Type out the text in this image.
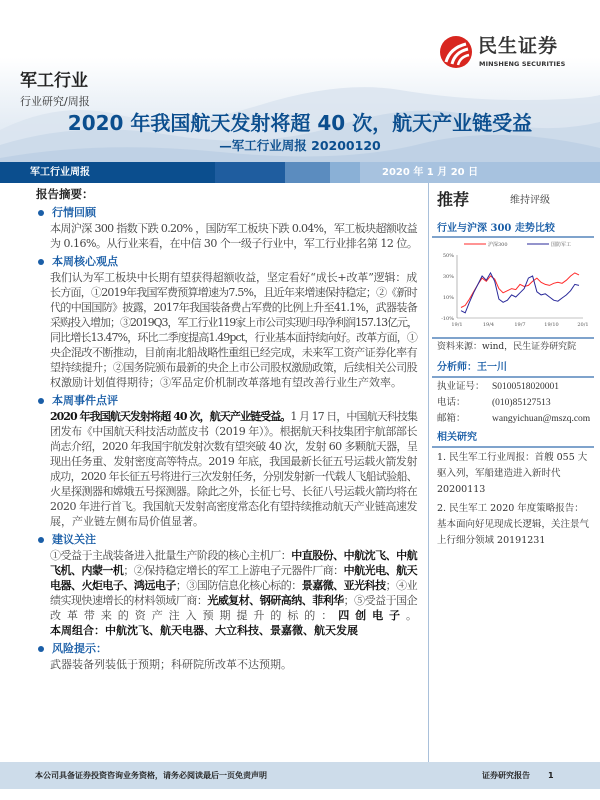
民生证券
MINSHENG SECURITIES
军工行业
行业研究/周报
2020 年我国航天发射将超 40 次，航天产业链受益
—军工行业周报 20200120
军工行业周报	2020 年 1 月 20 日
报告摘要：
行情回顾
本周沪深 300 指数下跌 0.20% ，国防军工板块下跌 0.04%，军工板块超额收益
为 0.16%。从行业来看，在中信 30 个一级子行业中，军工行业排名第 12 位。
本周核心观点
我们认为军工板块中长期有望获得超额收益，坚定看好“成长+改革”逻辑：成
长方面，①2019年我国军费预算增速为7.5%，且近年来增速保持稳定；②《新时
代的中国国防》披露，2017年我国装备费占军费的比例上升至41.1%，武器装备
采购投入增加；③2019Q3，军工行业119家上市公司实现归母净利润157.13亿元，
同比增长13.47%，环比二季度提高1.49pct，行业基本面持续向好。改革方面，①
央企混改不断推动，目前南北船战略性重组已经完成，未来军工资产证券化率有
望持续提升；②国务院颁布最新的央企上市公司股权激励政策，后续相关公司股
权激励计划值得期待；③军品定价机制改革落地有望改善行业生产效率。
本周事件点评
2020 年我国航天发射将超 40 次，航天产业链受益。1 月 17 日，中国航天科技集
团发布《中国航天科技活动蓝皮书（2019 年）》。根据航天科技集团宇航部部长
尚志介绍，2020 年我国宇航发射次数有望突破 40 次，发射 60 多颗航天器，呈
现出任务重、发射密度高等特点。2019 年底，我国最新长征五号运载火箭发射
成功，2020 年长征五号将进行三次发射任务，分别发射新一代载人飞船试验船、
火星探测器和嫦娥五号探测器。除此之外，长征七号、长征八号运载火箭均将在
2020 年进行首飞。我国航天发射高密度常态化有望持续推动航天产业链高速发
展，产业链左侧布局价值显著。
建议关注
①受益于主战装备进入批量生产阶段的核心主机厂：中直股份、中航沈飞、中航
飞机、内蒙一机；②保持稳定增长的军工上游电子元器件厂商：中航光电、航天
电器、火炬电子、鸿远电子；③国防信息化核心标的：景嘉微、亚光科技；④业
绩实现快速增长的材料领域厂商：光威复材、钢研高纳、菲利华；⑤受益于国企
改革带来的资产注入预期提升的标的：四创电子。
本周组合：中航沈飞、航天电器、大立科技、景嘉微、航天发展
风险提示：
武器装备列装低于预期；科研院所改革不达预期。
推荐	维持评级
行业与沪深 300 走势比较
50%
30%
10%
-10%
19/1	19/4	19/7	19/10	20/1
沪深300	国防军工
资料来源：wind，民生证券研究院
分析师：王一川
执业证号： S0100518020001
电话：	(010)85127513
邮箱：	wangyichuan@mszq.com
相关研究
1. 民生军工行业周报：首艘 055 大驱入列，军船建造进入新时代 20200113
2. 民生军工 2020 年度策略报告：基本面向好见现成长逻辑，关注景气上行细分领域 20191231
本公司具备证券投资咨询业务资格，请务必阅读最后一页免责声明	证券研究报告 1
